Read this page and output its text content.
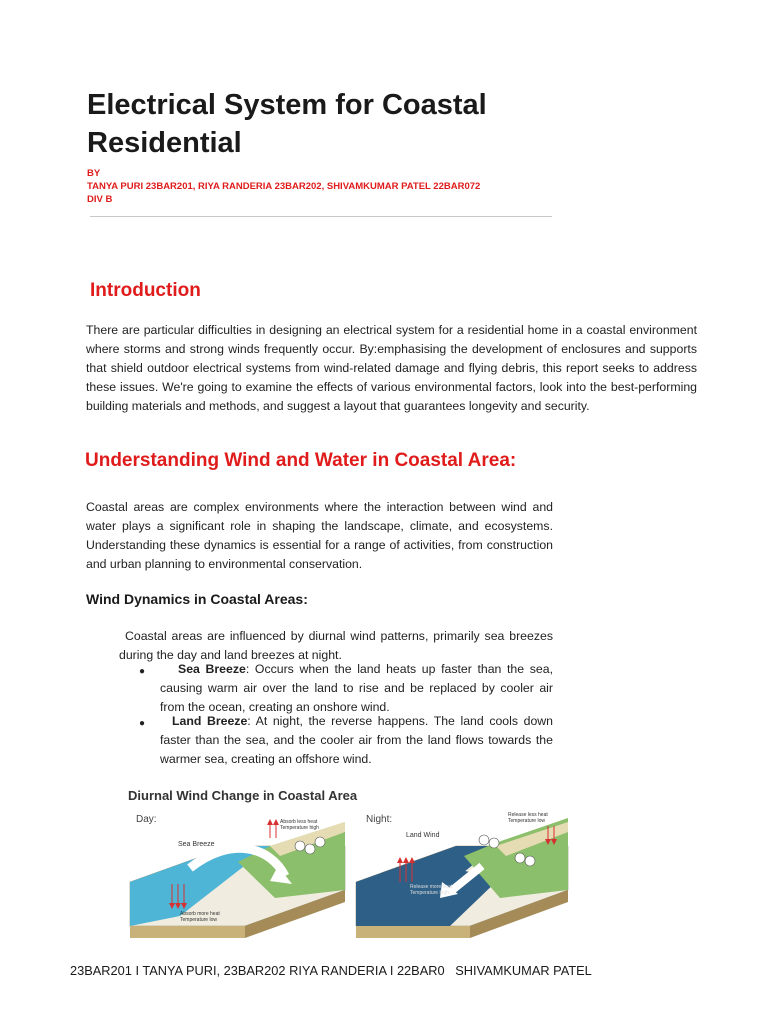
Electrical System for Coastal Residential
BY
TANYA PURI 23BAR201, RIYA RANDERIA 23BAR202, SHIVAMKUMAR PATEL 22BAR072
DIV B
Introduction
There are particular difficulties in designing an electrical system for a residential home in a coastal environment where storms and strong winds frequently occur. By:emphasising the development of enclosures and supports that shield outdoor electrical systems from wind-related damage and flying debris, this report seeks to address these issues. We're going to examine the effects of various environmental factors, look into the best-performing building materials and methods, and suggest a layout that guarantees longevity and security.
Understanding Wind and Water in Coastal Area:
Coastal areas are complex environments where the interaction between wind and water plays a significant role in shaping the landscape, climate, and ecosystems. Understanding these dynamics is essential for a range of activities, from construction and urban planning to environmental conservation.
Wind Dynamics in Coastal Areas:
Coastal areas are influenced by diurnal wind patterns, primarily sea breezes during the day and land breezes at night.
●	Sea Breeze: Occurs when the land heats up faster than the sea, causing warm air over the land to rise and be replaced by cooler air from the ocean, creating an onshore wind.
●	Land Breeze: At night, the reverse happens. The land cools down faster than the sea, and the cooler air from the land flows towards the warmer sea, creating an offshore wind.
Diurnal Wind Change in Coastal Area
Day:
Sea Breeze
Absorb less heat
Temperature high
Absorb more heat
Temperature low
Night:
Land Wind
Release less heat
Temperature low
Release more heat
Temperature high
23BAR201 I TANYA PURI, 23BAR202 RIYA RANDERIA I 22BAR0   SHIVAMKUMAR PATEL
